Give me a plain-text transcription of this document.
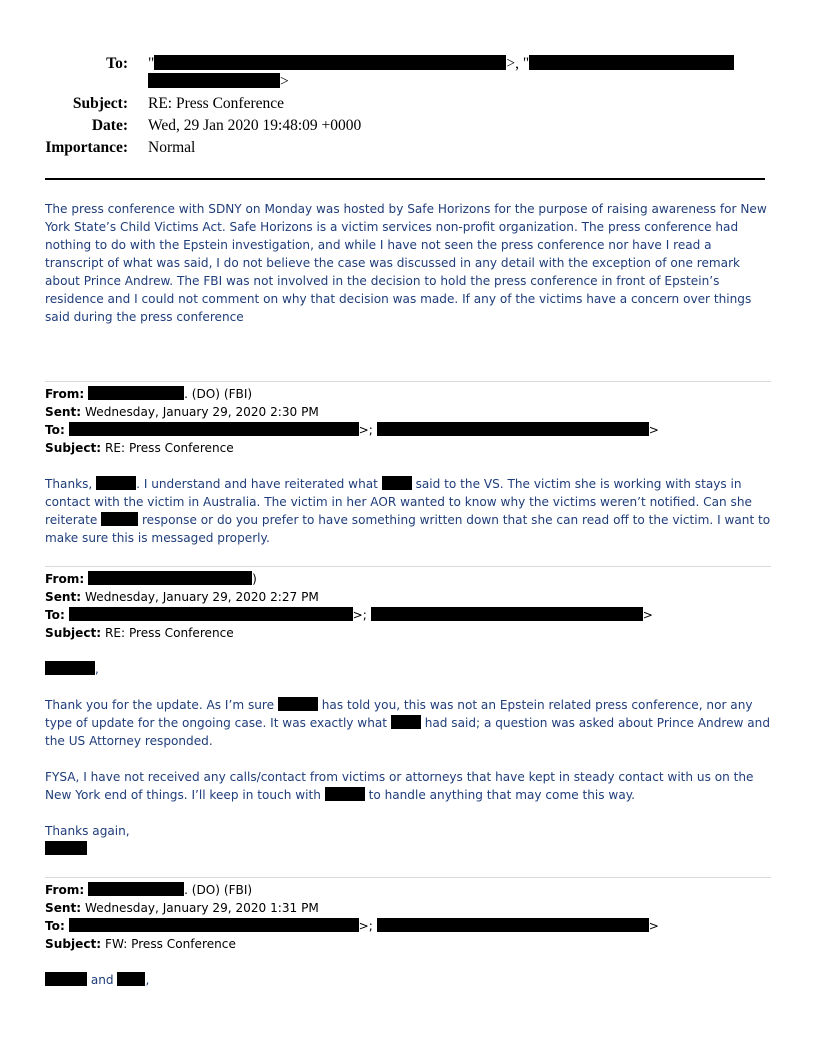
To: "	>, "
>
Subject: RE: Press Conference
Date: Wed, 29 Jan 2020 19:48:09 +0000
Importance: Normal
The press conference with SDNY on Monday was hosted by Safe Horizons for the purpose of raising awareness for New York State’s Child Victims Act. Safe Horizons is a victim services non-profit organization. The press conference had nothing to do with the Epstein investigation, and while I have not seen the press conference nor have I read a transcript of what was said, I do not believe the case was discussed in any detail with the exception of one remark about Prince Andrew. The FBI was not involved in the decision to hold the press conference in front of Epstein’s residence and I could not comment on why that decision was made. If any of the victims have a concern over things said during the press conference
From:	. (DO) (FBI)
Sent: Wednesday, January 29, 2020 2:30 PM
To:	>;	>
Subject: RE: Press Conference
Thanks,	. I understand and have reiterated what  said to the VS. The victim she is working with stays in contact with the victim in Australia. The victim in her AOR wanted to know why the victims weren’t notified. Can she reiterate	response or do you prefer to have something written down that she can read off to the victim. I want to make sure this is messaged properly.
From:	)
Sent: Wednesday, January 29, 2020 2:27 PM
To:	>;	>
Subject: RE: Press Conference
,
Thank you for the update. As I’m sure	has told you, this was not an Epstein related press conference, nor any type of update for the ongoing case. It was exactly what  had said; a question was asked about Prince Andrew and the US Attorney responded.
FYSA, I have not received any calls/contact from victims or attorneys that have kept in steady contact with us on the New York end of things. I’ll keep in touch with	to handle anything that may come this way.
Thanks again,
From:	. (DO) (FBI)
Sent: Wednesday, January 29, 2020 1:31 PM
To:	>;	>
Subject: FW: Press Conference
and ,
